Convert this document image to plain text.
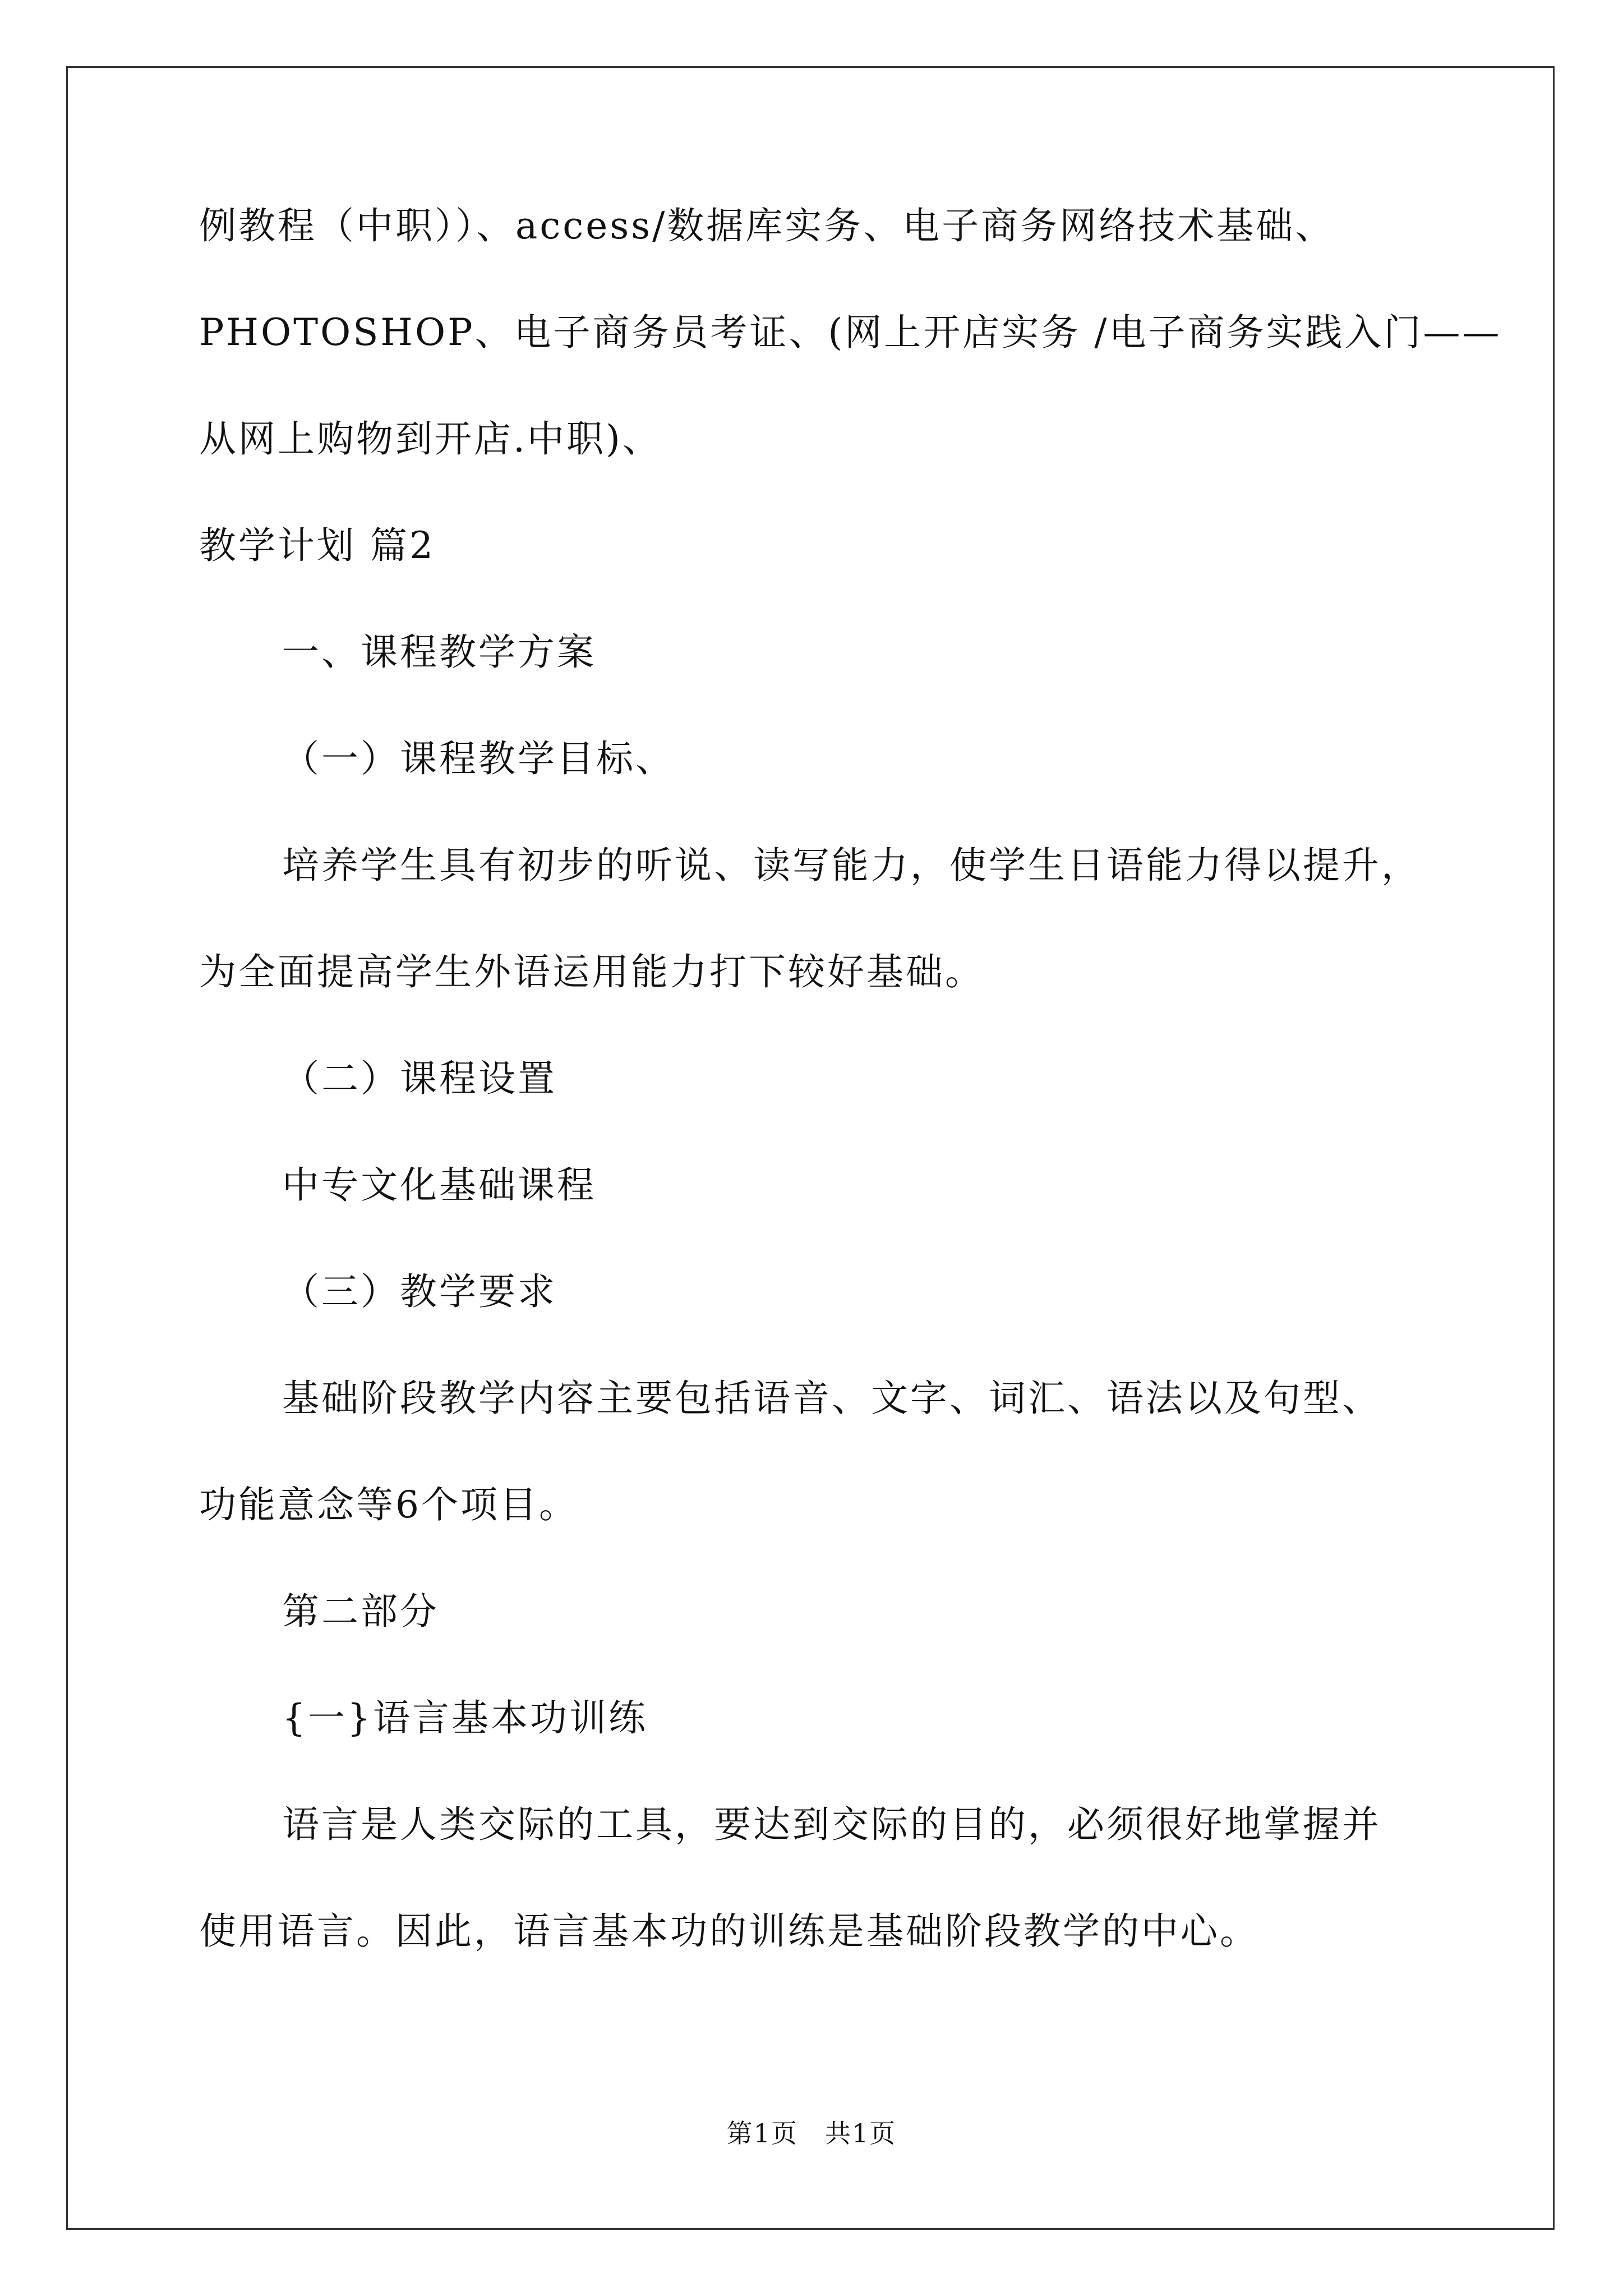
例教程（中职））、access/数据库实务、电子商务网络技术基础、
PHOTOSHOP、电子商务员考证、(网上开店实务 /电子商务实践入门——
从网上购物到开店.中职)、
教学计划 篇2
一、课程教学方案
（一）课程教学目标、
培养学生具有初步的听说、读写能力，使学生日语能力得以提升，
为全面提高学生外语运用能力打下较好基础。
（二）课程设置
中专文化基础课程
（三）教学要求
基础阶段教学内容主要包括语音、文字、词汇、语法以及句型、
功能意念等6个项目。
第二部分
{一}语言基本功训练
语言是人类交际的工具，要达到交际的目的，必须很好地掌握并
使用语言。因此，语言基本功的训练是基础阶段教学的中心。
第1页　共1页
